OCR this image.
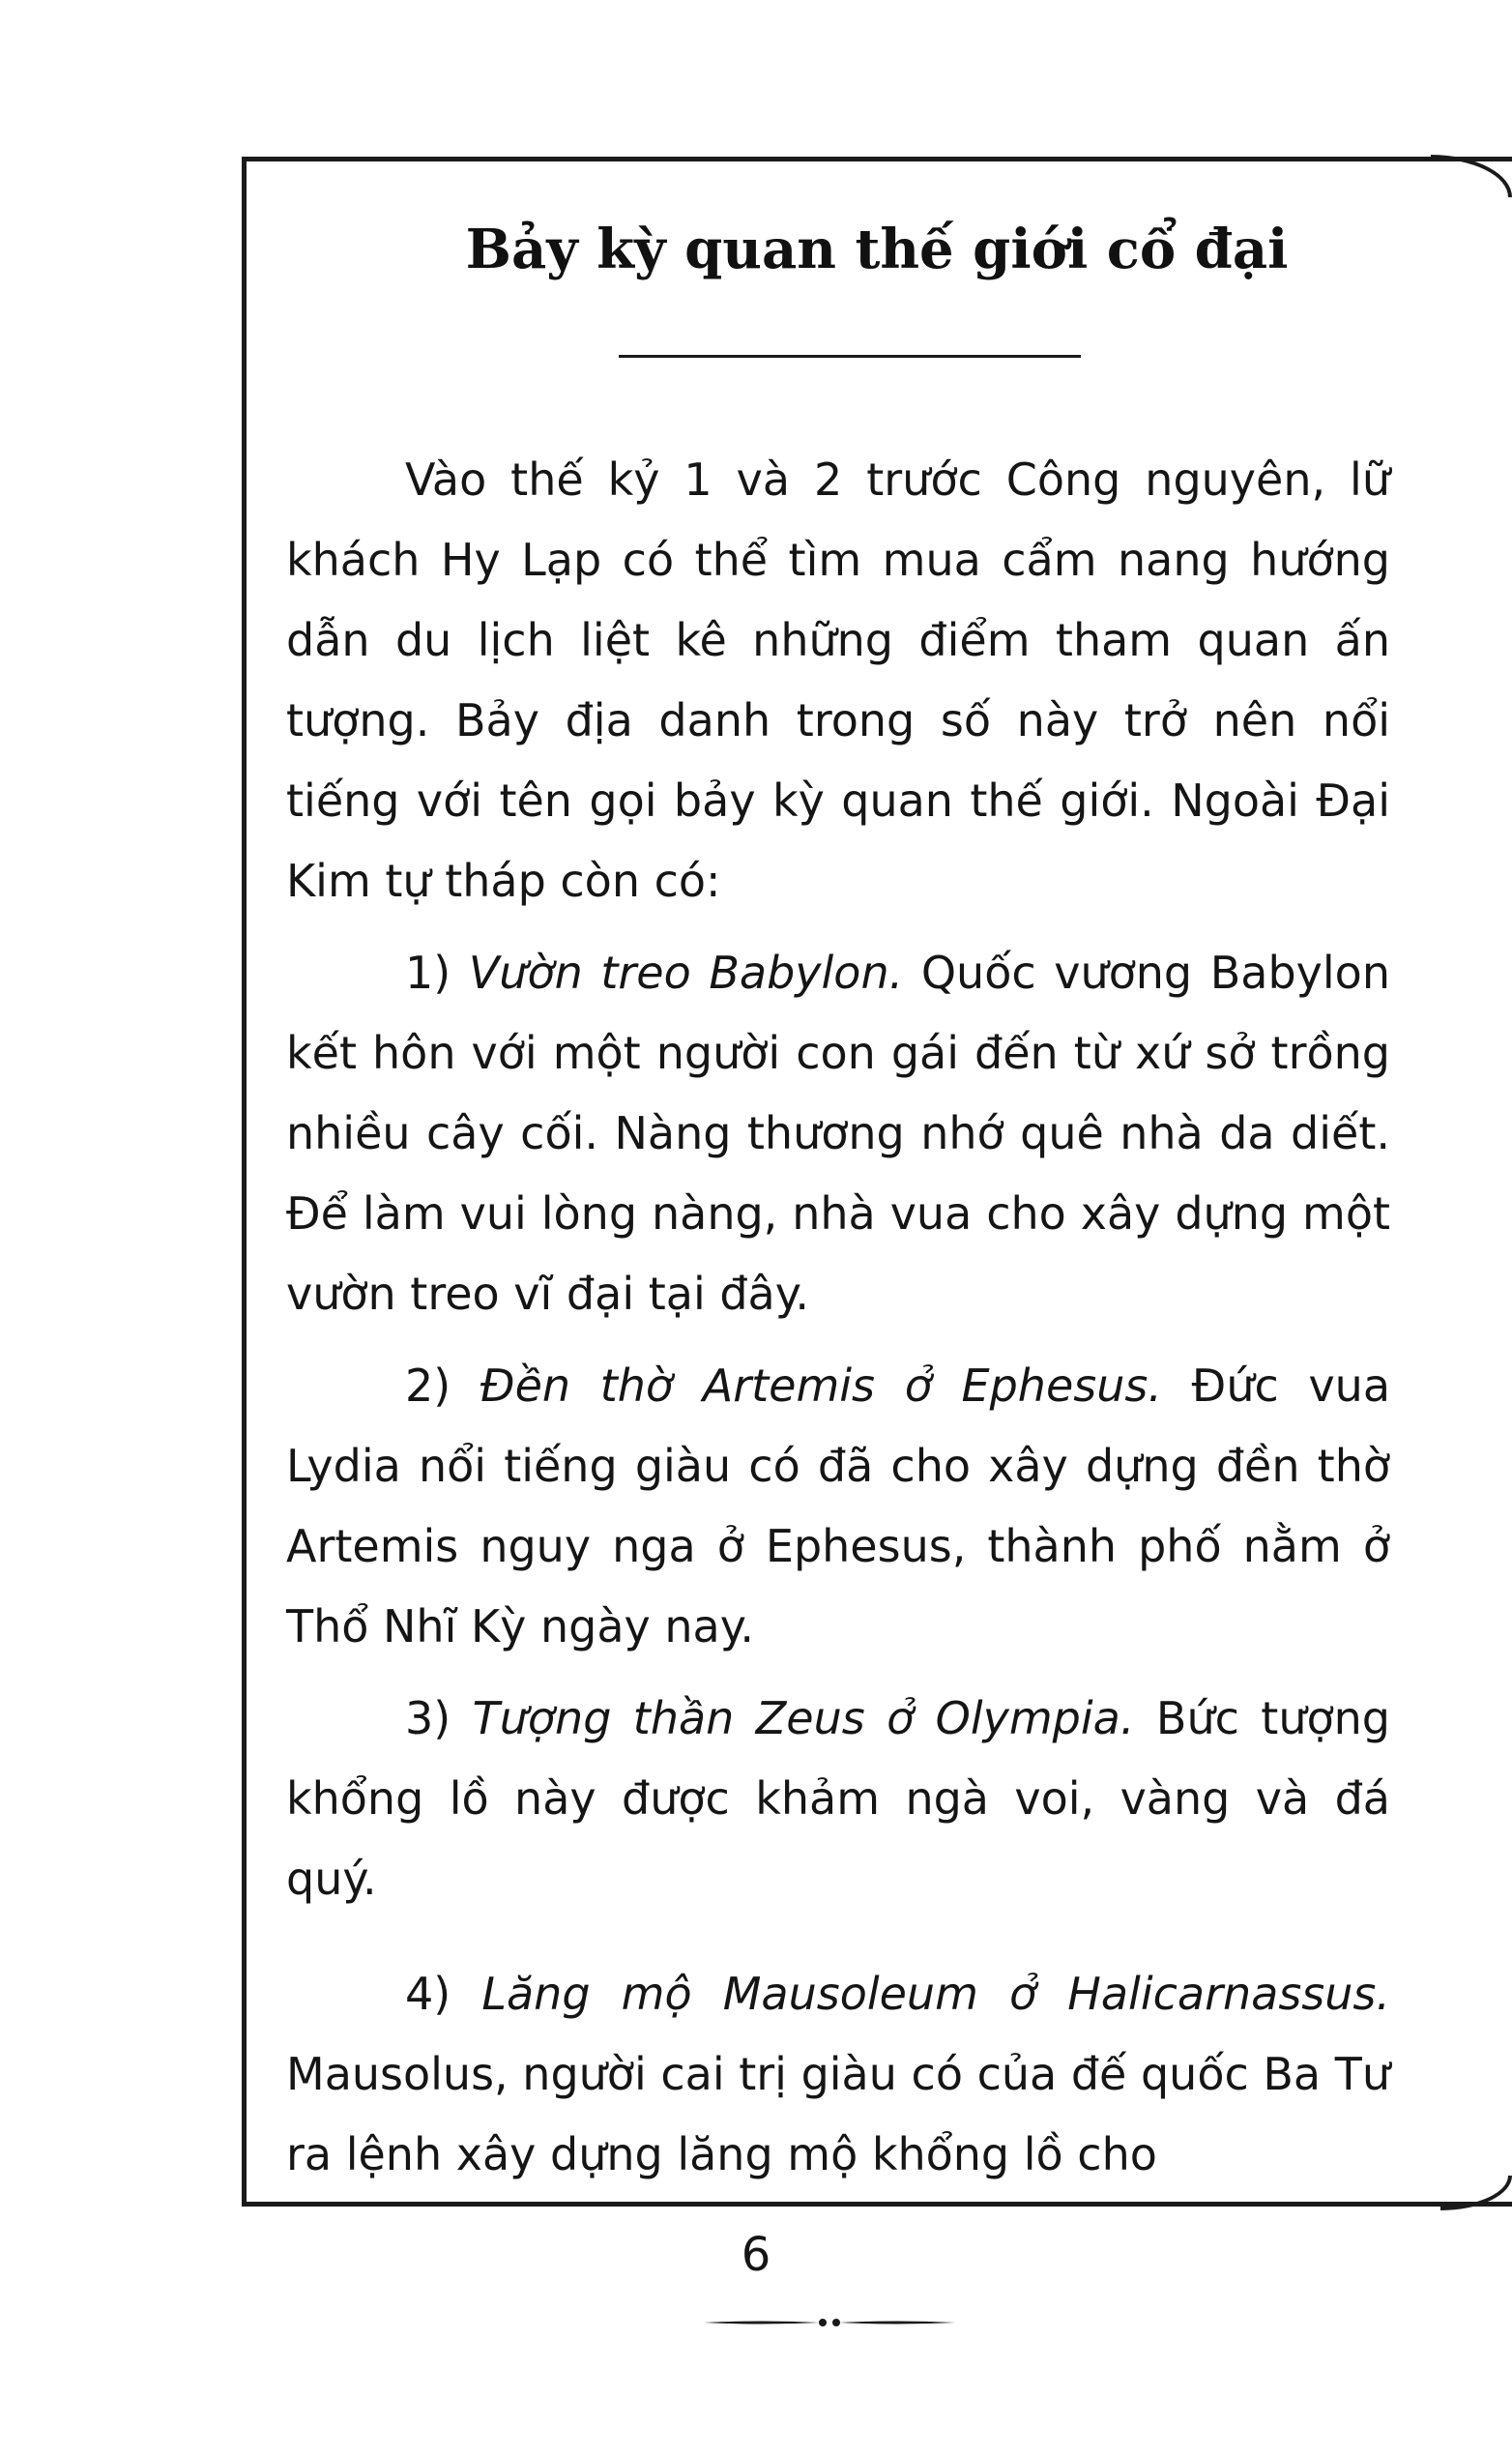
Bảy kỳ quan thế giới cổ đại

Vào thế kỷ 1 và 2 trước Công nguyên, lữ khách Hy Lạp có thể tìm mua cẩm nang hướng dẫn du lịch liệt kê những điểm tham quan ấn tượng. Bảy địa danh trong số này trở nên nổi tiếng với tên gọi bảy kỳ quan thế giới. Ngoài Đại Kim tự tháp còn có:

1) Vườn treo Babylon. Quốc vương Babylon kết hôn với một người con gái đến từ xứ sở trồng nhiều cây cối. Nàng thương nhớ quê nhà da diết. Để làm vui lòng nàng, nhà vua cho xây dựng một vườn treo vĩ đại tại đây.

2) Đền thờ Artemis ở Ephesus. Đức vua Lydia nổi tiếng giàu có đã cho xây dựng đền thờ Artemis nguy nga ở Ephesus, thành phố nằm ở Thổ Nhĩ Kỳ ngày nay.

3) Tượng thần Zeus ở Olympia. Bức tượng khổng lồ này được khảm ngà voi, vàng và đá quý.

4) Lăng mộ Mausoleum ở Halicarnassus. Mausolus, người cai trị giàu có của đế quốc Ba Tư ra lệnh xây dựng lăng mộ khổng lồ cho

6
